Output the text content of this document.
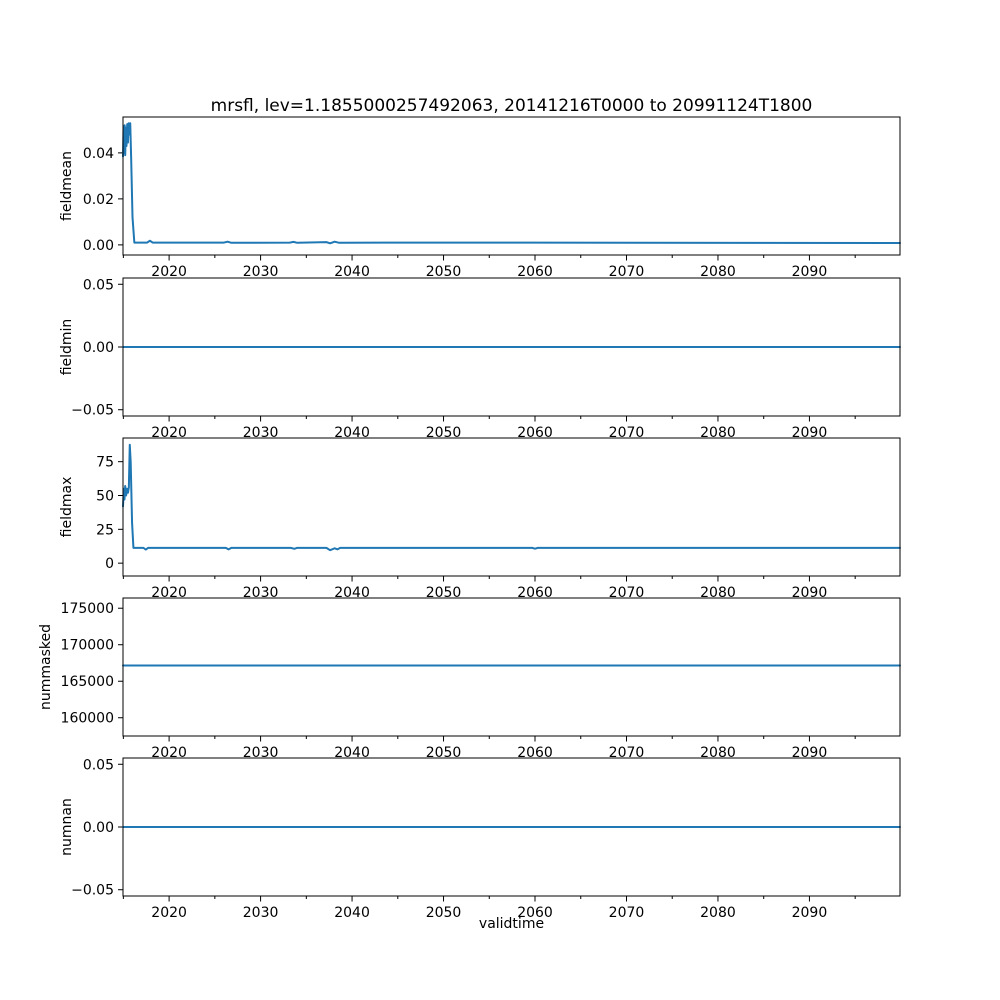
mrsfl, lev=1.1855000257492063, 20141216T0000 to 20991124T1800
fieldmean
0.00
0.02
0.04
2020	2030	2040	2050	2060	2070	2080	2090
fieldmin
−0.05
0.00
0.05
2020	2030	2040	2050	2060	2070	2080	2090
fieldmax
0
25
50
75
2020	2030	2040	2050	2060	2070	2080	2090
nummasked
160000
165000
170000
175000
2020	2030	2040	2050	2060	2070	2080	2090
numnan
−0.05
0.00
0.05
2020	2030	2040	2050	2060	2070	2080	2090
validtime
